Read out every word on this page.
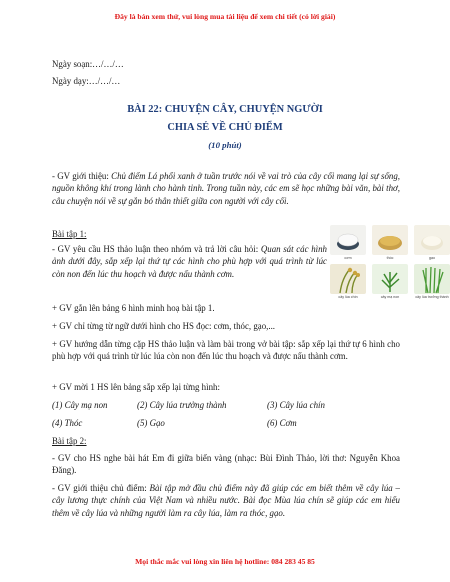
Đây là bản xem thử, vui lòng mua tài liệu để xem chi tiết (có lời giải)
Ngày soạn:…/…/…
Ngày dạy:…/…/…
BÀI 22: CHUYỆN CÂY, CHUYỆN NGƯỜI
CHIA SẺ VỀ CHỦ ĐIỂM
(10 phút)
- GV giới thiệu: Chủ điểm Lá phổi xanh ở tuần trước nói về vai trò của cây cối mang lại sự sống, nguồn không khí trong lành cho hành tinh. Trong tuần này, các em sẽ học những bài văn, bài thơ, câu chuyện nói về sự gắn bó thân thiết giữa con người với cây cối.
Bài tập 1:
- GV yêu cầu HS thảo luận theo nhóm và trả lời câu hỏi: Quan sát các hình ảnh dưới đây, sắp xếp lại thứ tự các hình cho phù hợp với quá trình từ lúc còn non đến lúc thu hoạch và được nấu thành cơm.
cơm	thóc	gạo
cây lúa chín	cây mạ non	cây lúa trưởng thành
+ GV gắn lên bảng 6 hình minh hoạ bài tập 1.
+ GV chỉ từng từ ngữ dưới hình cho HS đọc: cơm, thóc, gạo,...
+ GV hướng dẫn từng cặp HS thảo luận và làm bài trong vở bài tập: sắp xếp lại thứ tự 6 hình cho phù hợp với quá trình từ lúc lúa còn non đến lúc thu hoạch và được nấu thành cơm.
+ GV mời 1 HS lên bảng sắp xếp lại từng hình:
(1) Cây mạ non	(2) Cây lúa trưởng thành	(3) Cây lúa chín
(4) Thóc	(5) Gạo	(6) Cơm
Bài tập 2:
- GV cho HS nghe bài hát Em đi giữa biển vàng (nhạc: Bùi Đình Thảo, lời thơ: Nguyễn Khoa Đăng).
- GV giới thiệu chủ điểm: Bài tập mở đầu chủ điểm này đã giúp các em biết thêm về cây lúa – cây lương thực chính của Việt Nam và nhiều nước. Bài đọc Mùa lúa chín sẽ giúp các em hiểu thêm về cây lúa và những người làm ra cây lúa, làm ra thóc, gạo.
Mọi thắc mắc vui lòng xin liên hệ hotline: 084 283 45 85
